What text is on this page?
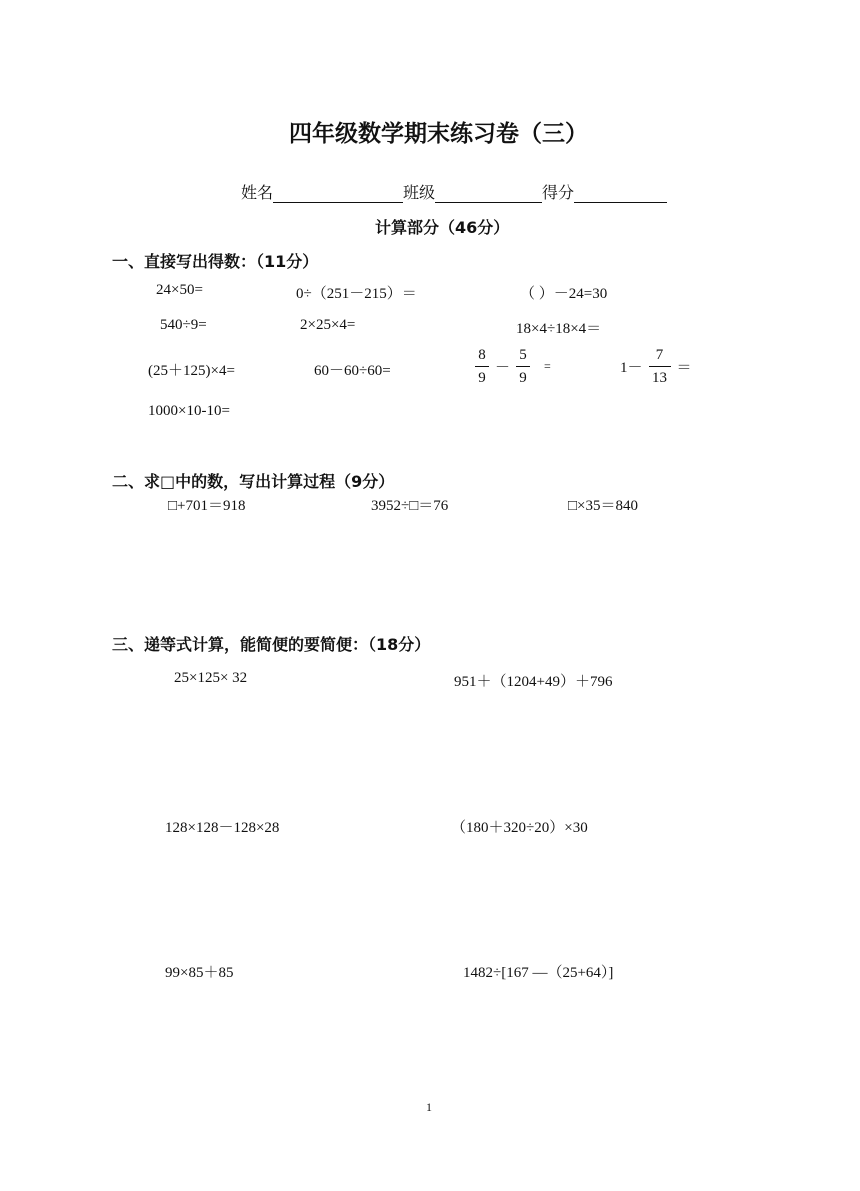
四年级数学期末练习卷（三）
姓名	班级	得分
计算部分（46分）
一、直接写出得数：（11分）
24×50=	0÷（251－215）＝	（ ）－24=30
540÷9=	2×25×4=	18×4÷18×4＝
(25＋125)×4=	60－60÷60=	$\frac{8}{9} - \frac{5}{9}$ =	$1- \frac{7}{13}$ ＝
1000×10-10=
二、求□中的数，写出计算过程（9分）
□+701＝918	3952÷□＝76	□×35＝840
三、递等式计算，能简便的要简便：（18分）
25×125× 32	951＋（1204+49）＋796
128×128－128×28	（180＋320÷20）×30
99×85＋85	1482÷[167 —（25+64）]
1
